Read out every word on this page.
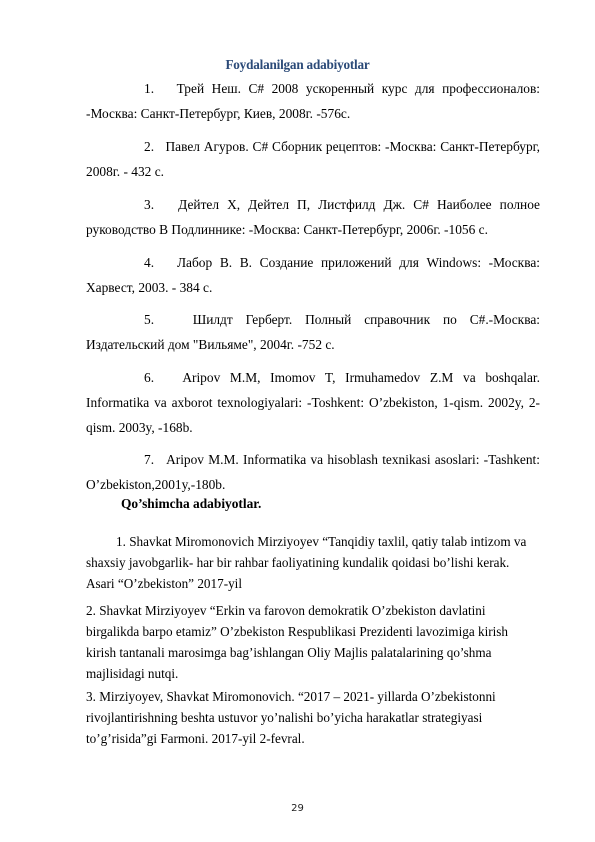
Foydalanilgan adabiyotlar
1. Трей Неш. C# 2008 ускоренный курс для профессионалов: -Москва: Санкт-Петербург, Киев, 2008г. -576с.
2. Павел Агуров. C# Сборник рецептов: -Москва: Санкт-Петербург, 2008г. - 432 с.
3. Дейтел Х, Дейтел П, Листфилд Дж. C# Наиболее полное руководство В Подлиннике: -Москва: Санкт-Петербург, 2006г. -1056 с.
4. Лабор В. В. Создание приложений для Windows: -Москва: Харвест, 2003. - 384 с.
5.	Шилдт Герберт. Полный справочник по C#.-Москва: Издательский дом "Вильяме", 2004г. -752 с.
6. Aripov M.M, Imomov T, Irmuhamedov Z.M va boshqalar. Informatika va axborot texnologiyalari: -Toshkent: O’zbekiston, 1-qism. 2002y, 2-qism. 2003y, -168b.
7. Aripov M.M. Informatika va hisoblash texnikasi asoslari: -Tashkent: O’zbekiston,2001y,-180b.
Qo’shimcha adabiyotlar.
1. Shavkat Miromonovich Mirziyoyev “Tanqidiy taxlil, qatiy talab intizom va shaxsiy javobgarlik- har bir rahbar faoliyatining kundalik qoidasi bo’lishi kerak. Asari “O’zbekiston” 2017-yil
2. Shavkat Mirziyoyev “Erkin va farovon demokratik O’zbekiston davlatini birgalikda barpo etamiz” O’zbekiston Respublikasi Prezidenti lavozimiga kirish kirish tantanali marosimga bag’ishlangan Oliy Majlis palatalarining qo’shma majlisidagi nutqi.
3. Mirziyoyev, Shavkat Miromonovich. “2017 – 2021- yillarda O’zbekistonni rivojlantirishning beshta ustuvor yo’nalishi bo’yicha harakatlar strategiyasi to’g’risida”gi Farmoni. 2017-yil 2-fevral.
29
